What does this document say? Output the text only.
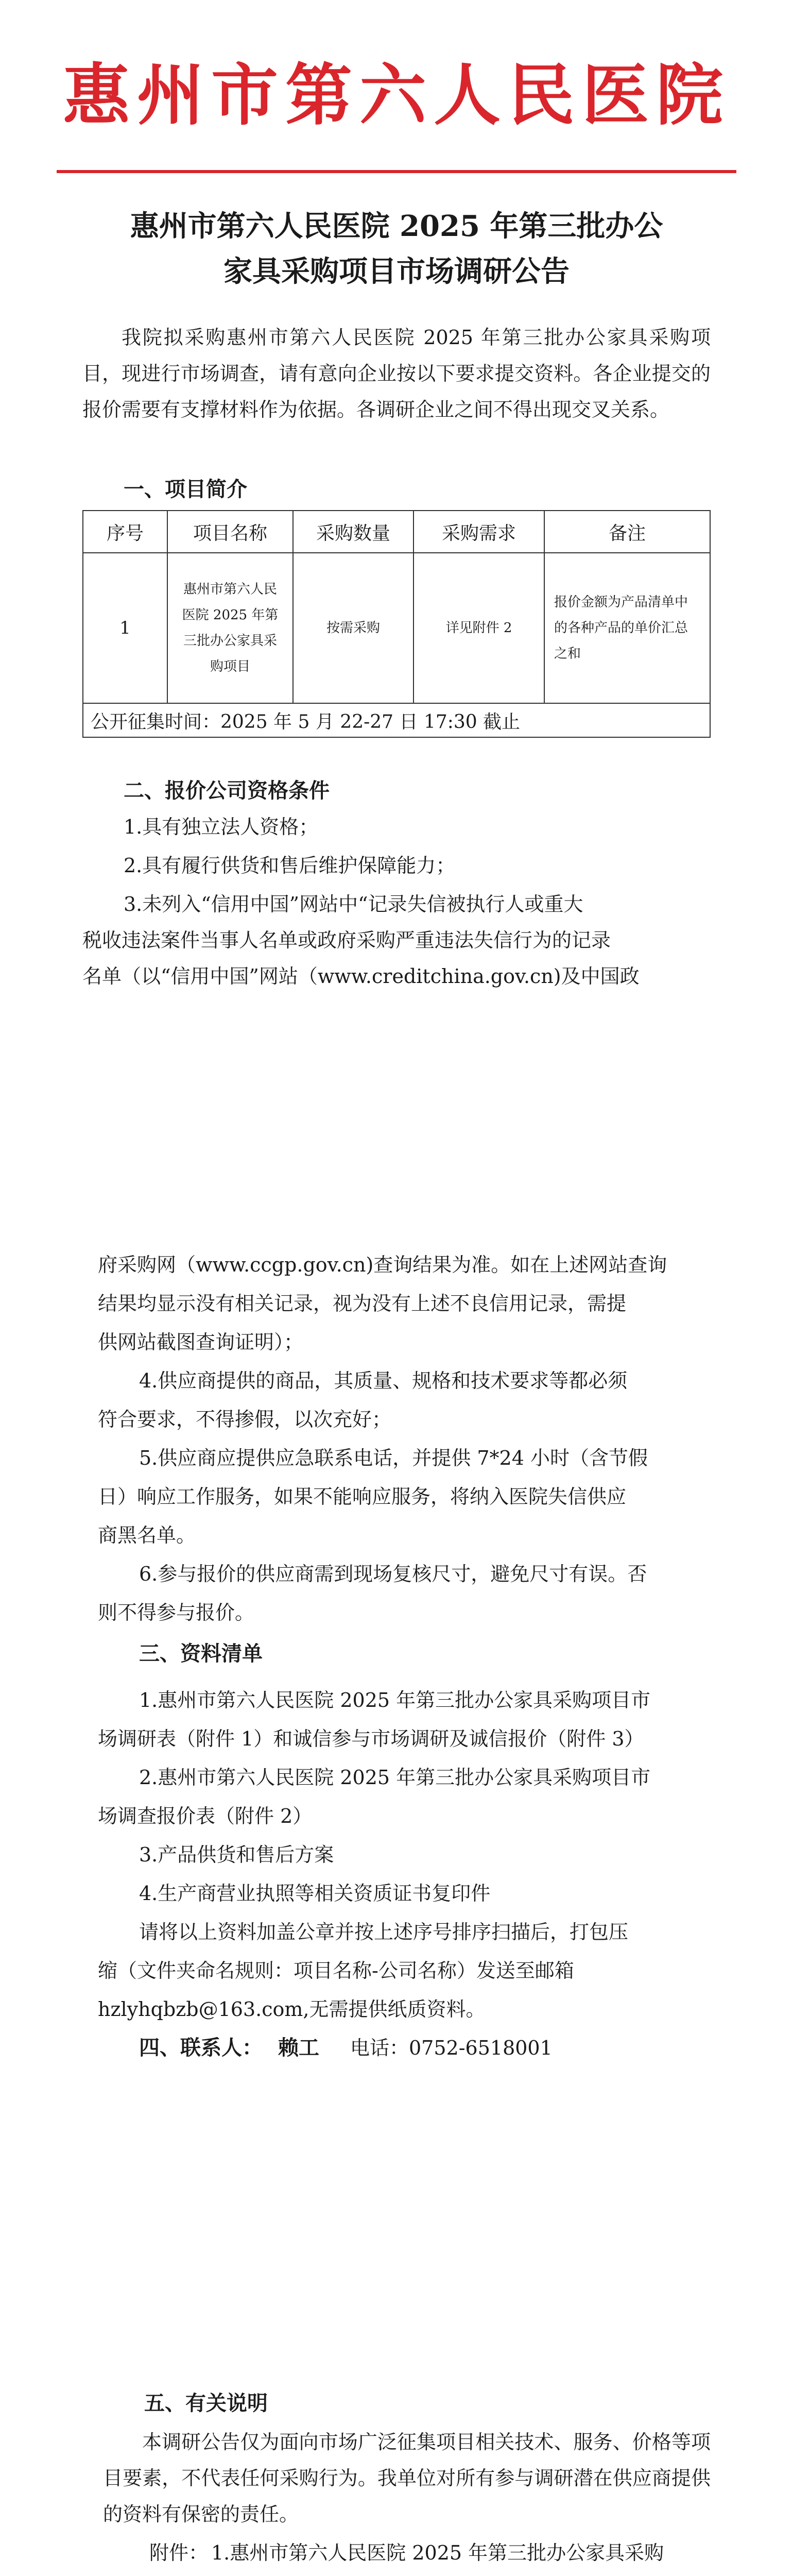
惠州市第六人民医院
惠州市第六人民医院 2025 年第三批办公
家具采购项目市场调研公告
我院拟采购惠州市第六人民医院 2025 年第三批办公家具采购项目，现进行市场调查，请有意向企业按以下要求提交资料。各企业提交的报价需要有支撑材料作为依据。各调研企业之间不得出现交叉关系。
一、项目简介
序号	项目名称	采购数量	采购需求	备注
1	惠州市第六人民医院 2025 年第三批办公家具采购项目	按需采购	详见附件 2	报价金额为产品清单中的各种产品的单价汇总之和
公开征集时间：2025 年 5 月 22-27 日 17:30 截止				
二、报价公司资格条件
1.具有独立法人资格；
2.具有履行供货和售后维护保障能力；
3.未列入“信用中国”网站中“记录失信被执行人或重大
税收违法案件当事人名单或政府采购严重违法失信行为的记录
名单（以“信用中国”网站（www.creditchina.gov.cn)及中国政
府采购网（www.ccgp.gov.cn)查询结果为准。如在上述网站查询
结果均显示没有相关记录，视为没有上述不良信用记录，需提
供网站截图查询证明）；
4.供应商提供的商品，其质量、规格和技术要求等都必须
符合要求，不得掺假，以次充好；
5.供应商应提供应急联系电话，并提供 7*24 小时（含节假
日）响应工作服务，如果不能响应服务，将纳入医院失信供应
商黑名单。
6.参与报价的供应商需到现场复核尺寸，避免尺寸有误。否
则不得参与报价。
三、资料清单
1.惠州市第六人民医院 2025 年第三批办公家具采购项目市
场调研表（附件 1）和诚信参与市场调研及诚信报价（附件 3）
2.惠州市第六人民医院 2025 年第三批办公家具采购项目市
场调查报价表（附件 2）
3.产品供货和售后方案
4.生产商营业执照等相关资质证书复印件
请将以上资料加盖公章并按上述序号排序扫描后，打包压
缩（文件夹命名规则：项目名称-公司名称）发送至邮箱
hzlyhqbzb@163.com,无需提供纸质资料。
四、联系人： 赖工 电话：0752-6518001
五、有关说明
本调研公告仅为面向市场广泛征集项目相关技术、服务、价格等项目要素，不代表任何采购行为。我单位对所有参与调研潜在供应商提供的资料有保密的责任。
附件： 1.惠州市第六人民医院 2025 年第三批办公家具采购
